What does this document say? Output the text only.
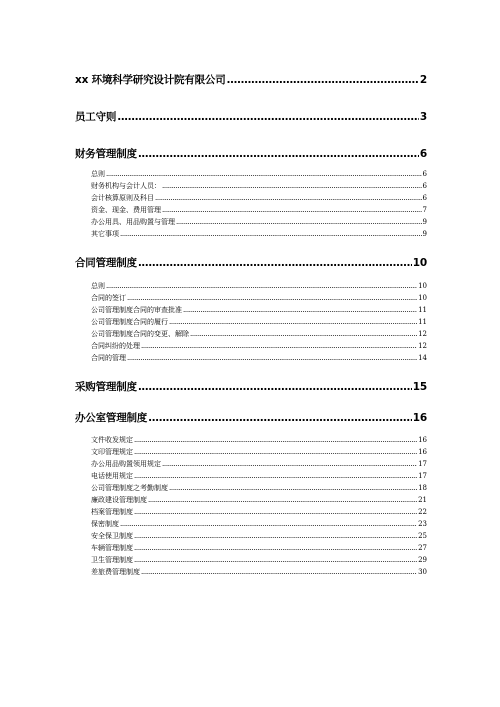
xx 环境科学研究设计院有限公司 .....	2
员工守则 .....	3
财务管理制度 .....	6
总则 .....	6
财务机构与会计人员： .....	6
会计核算原则及科目 .....	6
资金、现金、费用管理 .....	7
办公用具、用品购置与管理 .....	9
其它事项 .....	9
合同管理制度 .....	10
总则 .....	10
合同的签订 .....	10
公司管理制度合同的审查批准 .....	11
公司管理制度合同的履行 .....	11
公司管理制度合同的变更、解除 .....	12
合同纠纷的处理 .....	12
合同的管理 .....	14
采购管理制度 .....	15
办公室管理制度 .....	16
文件收发规定 .....	16
文印管理规定 .....	16
办公用品购置领用规定 .....	17
电话使用规定 .....	17
公司管理制度之考勤制度 .....	18
廉政建设管理制度 .....	21
档案管理制度 .....	22
保密制度 .....	23
安全保卫制度 .....	25
车辆管理制度 .....	27
卫生管理制度 .....	29
差旅费管理制度 .....	30
